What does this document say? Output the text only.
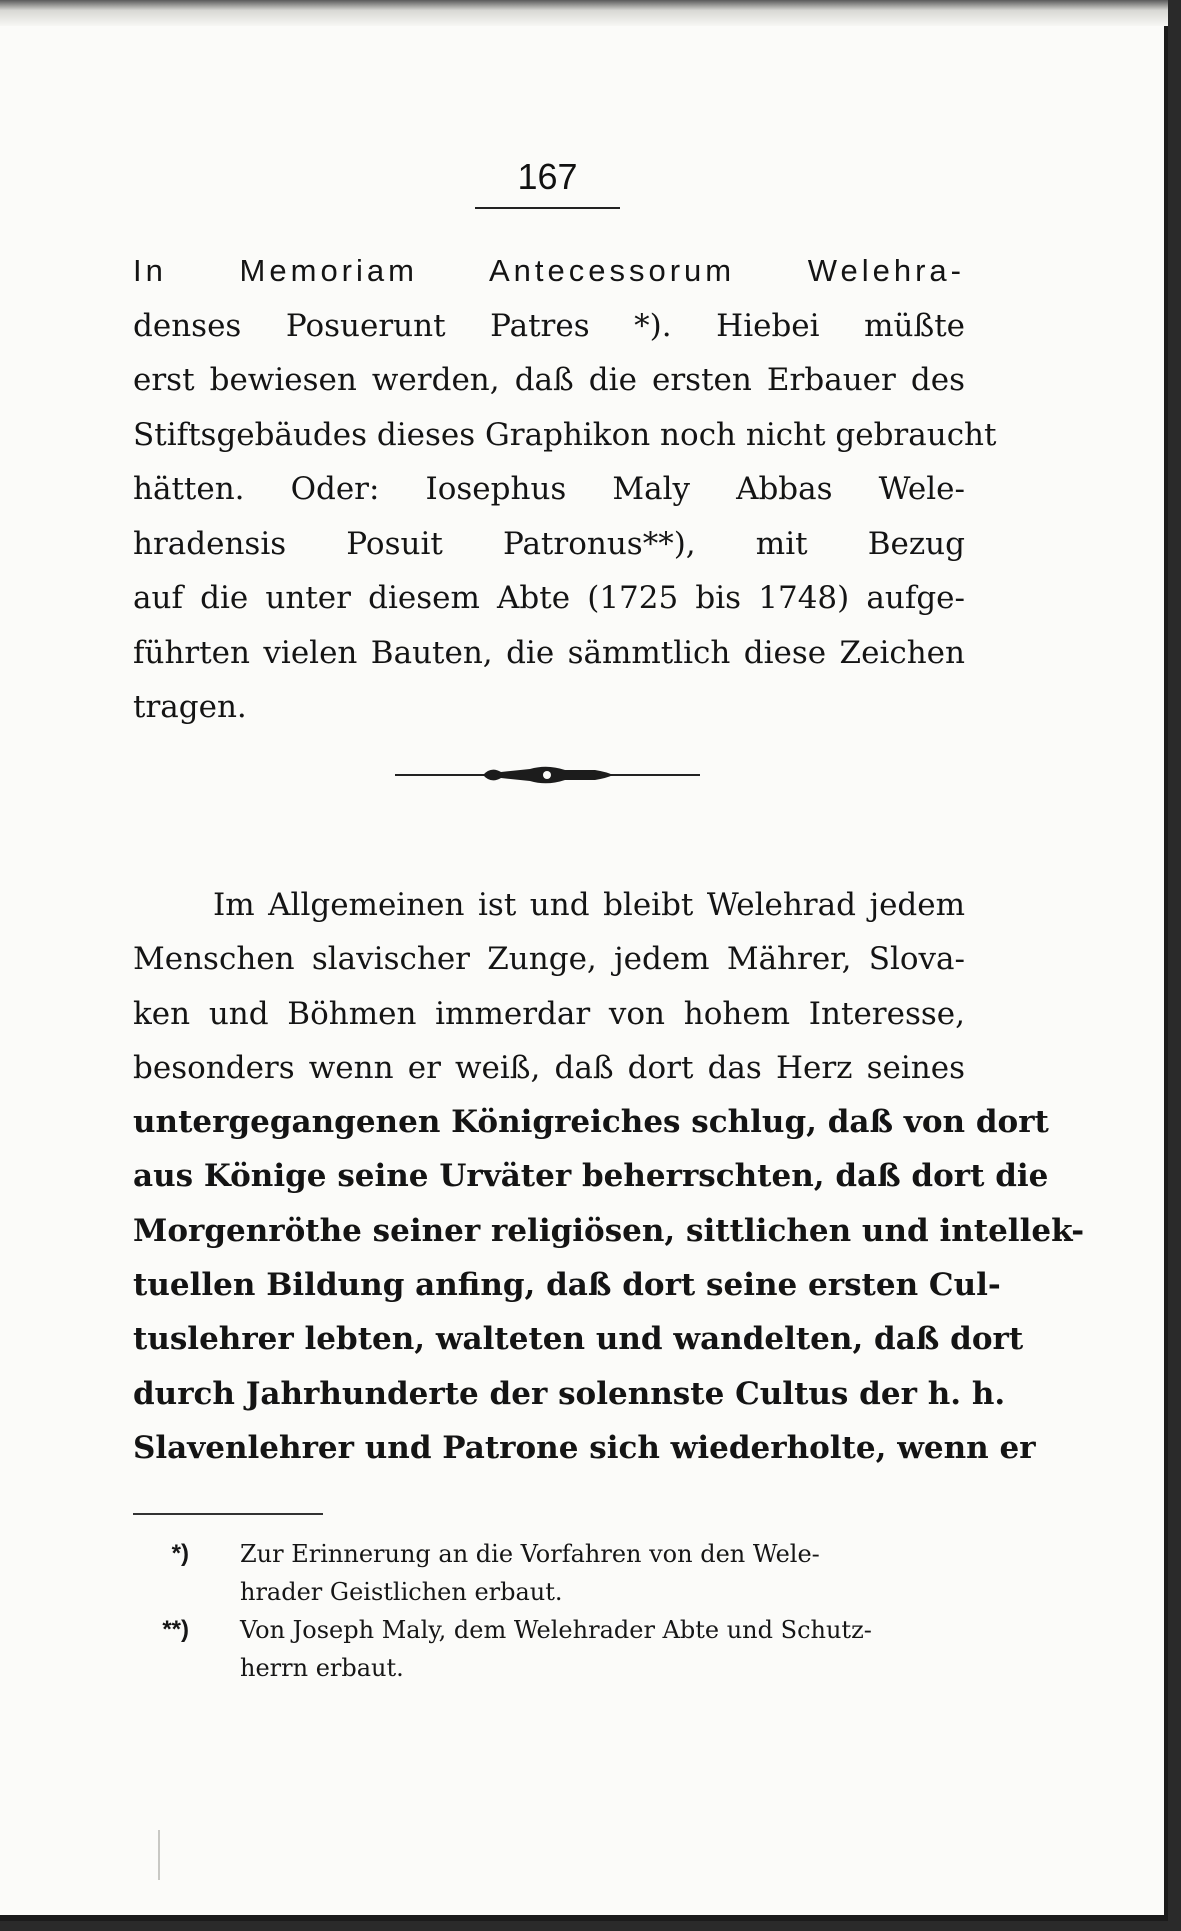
167
In Memoriam Antecessorum Welehra-
denses Posuerunt Patres *). Hiebei müßte
erst bewiesen werden, daß die ersten Erbauer des
Stiftsgebäudes dieses Graphikon noch nicht gebraucht
hätten. Oder: Iosephus Maly Abbas Wele-
hradensis Posuit Patronus**), mit Bezug
auf die unter diesem Abte (1725 bis 1748) aufge-
führten vielen Bauten, die sämmtlich diese Zeichen
tragen.
Im Allgemeinen ist und bleibt Welehrad jedem
Menschen slavischer Zunge, jedem Mährer, Slova-
ken und Böhmen immerdar von hohem Interesse,
besonders wenn er weiß, daß dort das Herz seines
untergegangenen Königreiches schlug, daß von dort
aus Könige seine Urväter beherrschten, daß dort die
Morgenröthe seiner religiösen, sittlichen und intellek-
tuellen Bildung anfing, daß dort seine ersten Cul-
tuslehrer lebten, walteten und wandelten, daß dort
durch Jahrhunderte der solennste Cultus der h. h.
Slavenlehrer und Patrone sich wiederholte, wenn er
*)	Zur Erinnerung an die Vorfahren von den Wele-
hrader Geistlichen erbaut.
**)	Von Joseph Maly, dem Welehrader Abte und Schutz-
herrn erbaut.
